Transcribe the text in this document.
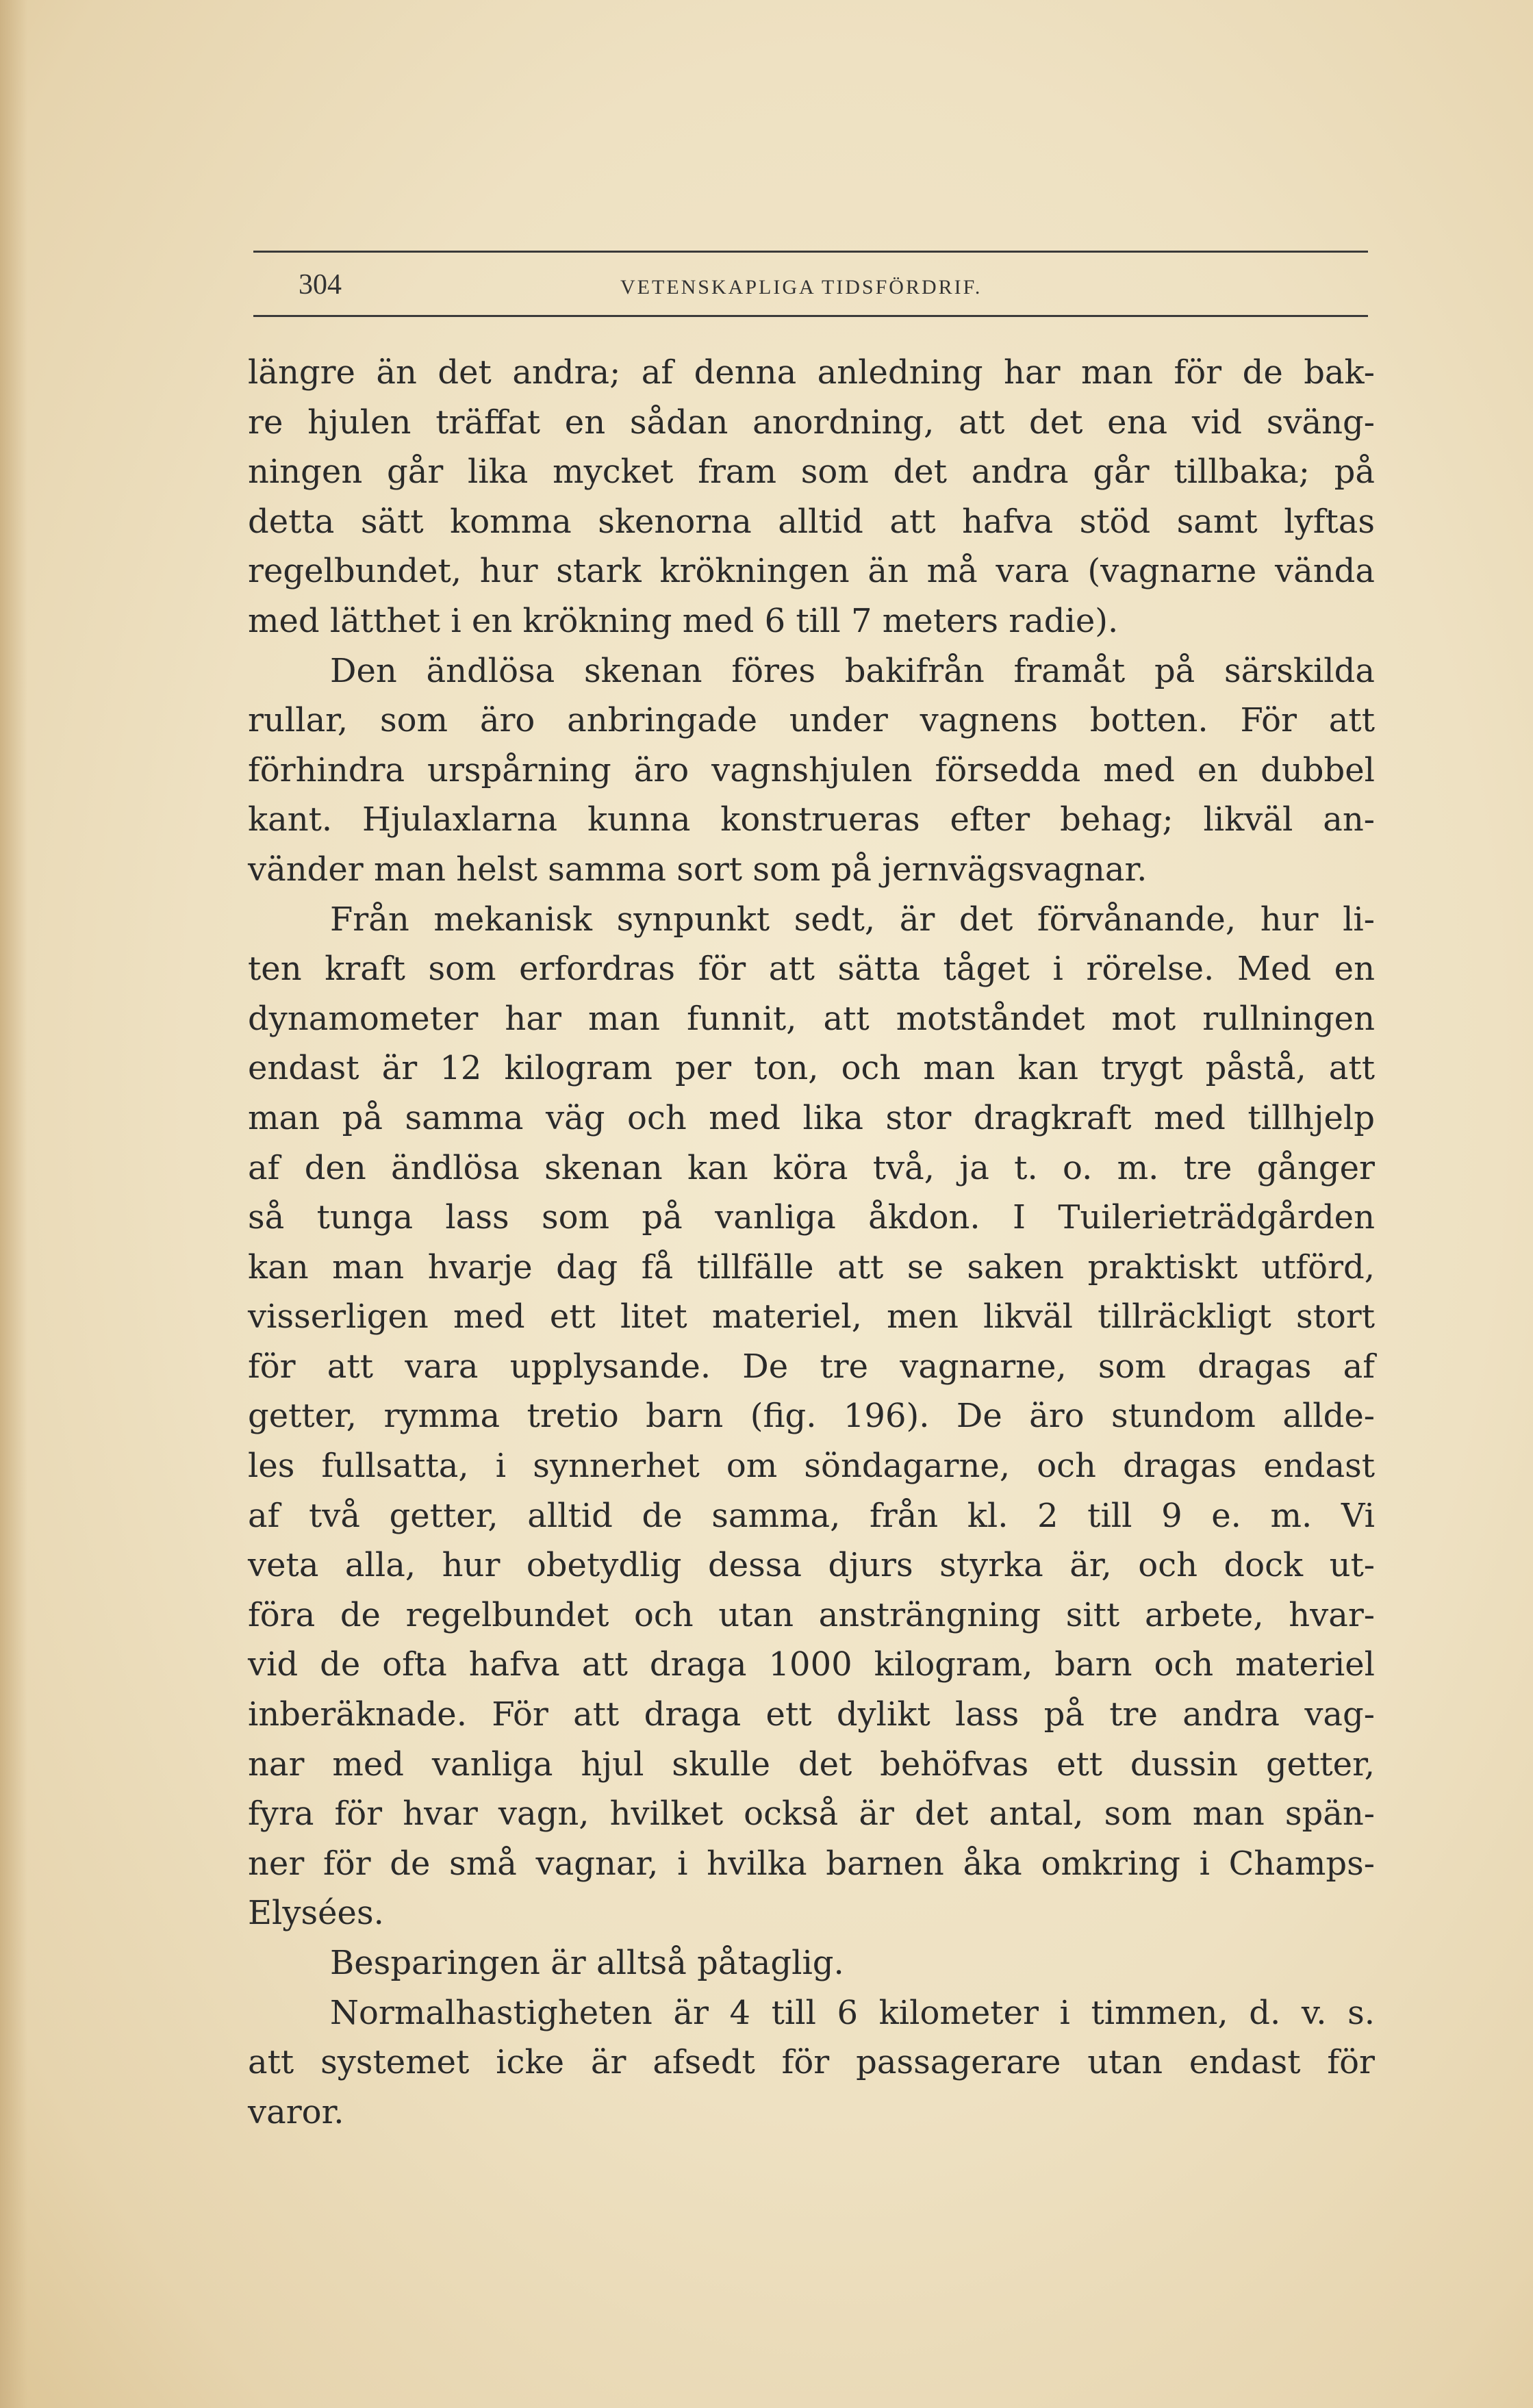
304	VETENSKAPLIGA TIDSFÖRDRIF.
längre än det andra; af denna anledning har man för de bak-
re hjulen träffat en sådan anordning, att det ena vid sväng-
ningen går lika mycket fram som det andra går tillbaka; på
detta sätt komma skenorna alltid att hafva stöd samt lyftas
regelbundet, hur stark krökningen än må vara (vagnarne vända
med lätthet i en krökning med 6 till 7 meters radie).
Den ändlösa skenan föres bakifrån framåt på särskilda
rullar, som äro anbringade under vagnens botten. För att
förhindra urspårning äro vagnshjulen försedda med en dubbel
kant. Hjulaxlarna kunna konstrueras efter behag; likväl an-
vänder man helst samma sort som på jernvägsvagnar.
Från mekanisk synpunkt sedt, är det förvånande, hur li-
ten kraft som erfordras för att sätta tåget i rörelse. Med en
dynamometer har man funnit, att motståndet mot rullningen
endast är 12 kilogram per ton, och man kan trygt påstå, att
man på samma väg och med lika stor dragkraft med tillhjelp
af den ändlösa skenan kan köra två, ja t. o. m. tre gånger
så tunga lass som på vanliga åkdon. I Tuilerieträdgården
kan man hvarje dag få tillfälle att se saken praktiskt utförd,
visserligen med ett litet materiel, men likväl tillräckligt stort
för att vara upplysande. De tre vagnarne, som dragas af
getter, rymma tretio barn (fig. 196). De äro stundom allde-
les fullsatta, i synnerhet om söndagarne, och dragas endast
af två getter, alltid de samma, från kl. 2 till 9 e. m. Vi
veta alla, hur obetydlig dessa djurs styrka är, och dock ut-
föra de regelbundet och utan ansträngning sitt arbete, hvar-
vid de ofta hafva att draga 1000 kilogram, barn och materiel
inberäknade. För att draga ett dylikt lass på tre andra vag-
nar med vanliga hjul skulle det behöfvas ett dussin getter,
fyra för hvar vagn, hvilket också är det antal, som man spän-
ner för de små vagnar, i hvilka barnen åka omkring i Champs-
Elysées.
Besparingen är alltså påtaglig.
Normalhastigheten är 4 till 6 kilometer i timmen, d. v. s.
att systemet icke är afsedt för passagerare utan endast för
varor.
